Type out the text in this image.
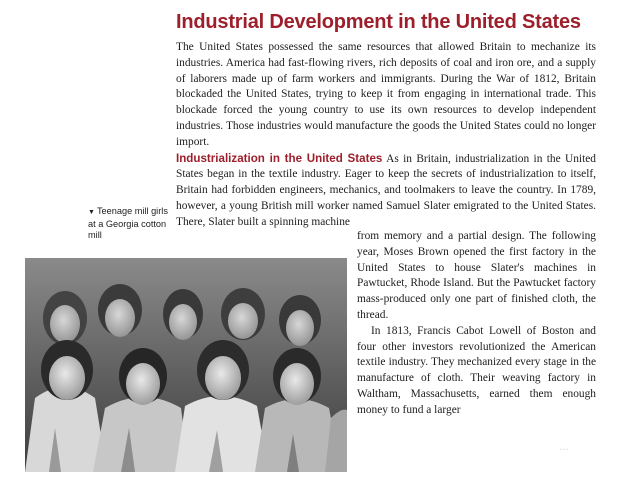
Industrial Development in the United States

The United States possessed the same resources that allowed Britain to mechanize its industries. America had fast-flowing rivers, rich deposits of coal and iron ore, and a supply of laborers made up of farm workers and immigrants. During the War of 1812, Britain blockaded the United States, trying to keep it from engaging in international trade. This blockade forced the young country to use its own resources to develop independent industries. Those industries would manufacture the goods the United States could no longer import.

Industrialization in the United States As in Britain, industrialization in the United States began in the textile industry. Eager to keep the secrets of industrialization to itself, Britain had forbidden engineers, mechanics, and toolmakers to leave the country. In 1789, however, a young British mill worker named Samuel Slater emigrated to the United States. There, Slater built a spinning machine

▼ Teenage mill girls at a Georgia cotton mill	from memory and a partial design. The following year, Moses Brown opened the first factory in the United States to house Slater's machines in Pawtucket, Rhode Island. But the Pawtucket factory mass-produced only one part of finished cloth, the thread.

In 1813, Francis Cabot Lowell of Boston and four other investors revolutionized the American textile industry. They mechanized every stage in the manufacture of cloth. Their weaving factory in Waltham, Massachusetts, earned them enough money to fund a larger

···
